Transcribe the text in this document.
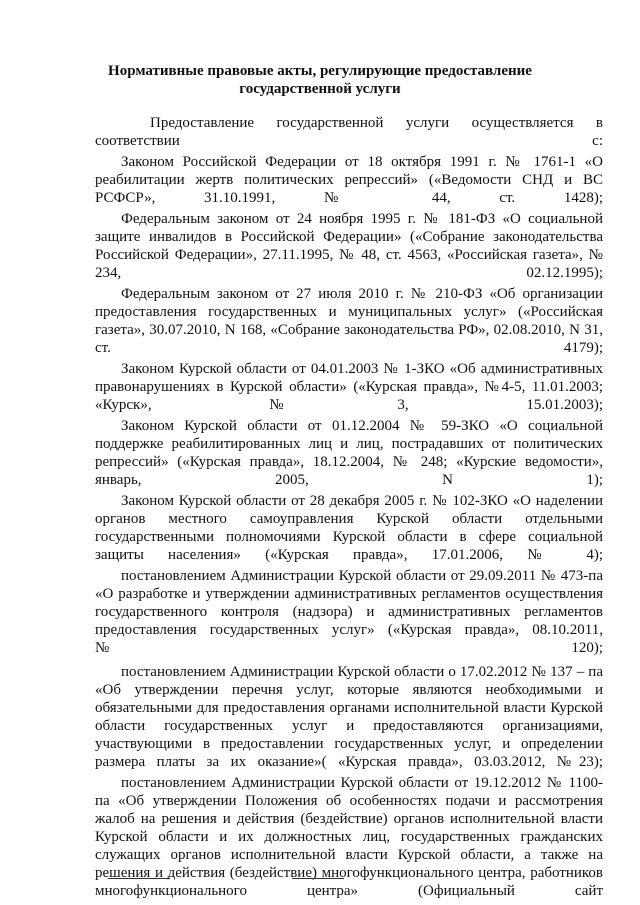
Нормативные правовые акты, регулирующие предоставление государственной услуги

Предоставление государственной услуги осуществляется в соответствии с:

Законом Российской Федерации от 18 октября 1991 г. № 1761-1 «О реабилитации жертв политических репрессий» («Ведомости СНД и ВС РСФСР», 31.10.1991, № 44, ст. 1428);

Федеральным законом от 24 ноября 1995 г. № 181-ФЗ «О социальной защите инвалидов в Российской Федерации» («Собрание законодательства Российской Федерации», 27.11.1995, № 48, ст. 4563, «Российская газета», № 234, 02.12.1995);

Федеральным законом от 27 июля 2010 г. № 210-ФЗ «Об организации предоставления государственных и муниципальных услуг» («Российская газета», 30.07.2010, N 168, «Собрание законодательства РФ», 02.08.2010, N 31, ст. 4179);

Законом Курской области от 04.01.2003 № 1-ЗКО «Об административных правонарушениях в Курской области» («Курская правда», №4-5, 11.01.2003; «Курск», №3, 15.01.2003);

Законом Курской области от 01.12.2004 № 59-ЗКО «О социальной поддержке реабилитированных лиц и лиц, пострадавших от политических репрессий» («Курская правда», 18.12.2004, № 248; «Курские ведомости», январь, 2005, N 1);

Законом Курской области от 28 декабря 2005 г. № 102-ЗКО «О наделении органов местного самоуправления Курской области отдельными государственными полномочиями Курской области в сфере социальной защиты населения» («Курская правда», 17.01.2006, № 4);

постановлением Администрации Курской области от 29.09.2011 № 473-па «О разработке и утверждении административных регламентов осуществления государственного контроля (надзора) и административных регламентов предоставления государственных услуг» («Курская правда», 08.10.2011, №120);

постановлением Администрации Курской области о 17.02.2012 № 137 – па «Об утверждении перечня услуг, которые являются необходимыми и обязательными для предоставления органами исполнительной власти Курской области государственных услуг и предоставляются организациями, участвующими в предоставлении государственных услуг, и определении размера платы за их оказание»( «Курская правда», 03.03.2012, №23);

постановлением Администрации Курской области от 19.12.2012 № 1100-па «Об утверждении Положения об особенностях подачи и рассмотрения жалоб на решения и действия (бездействие) органов исполнительной власти Курской области и их должностных лиц, государственных гражданских служащих органов исполнительной власти Курской области, а также на решения и действия (бездействие) многофункционального центра, работников многофункционального центра» (Официальный сайт
